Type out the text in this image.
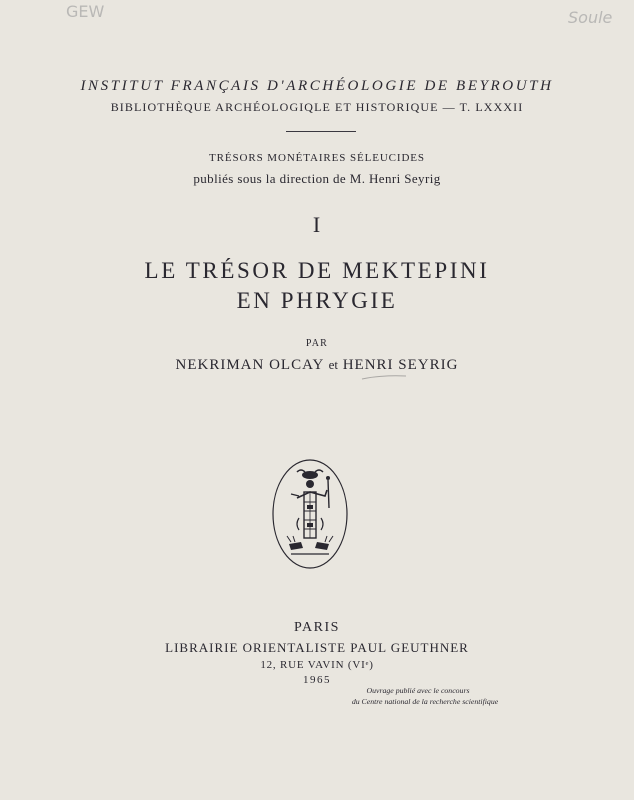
GEW	Soule
INSTITUT FRANÇAIS D'ARCHÉOLOGIE DE BEYROUTH
BIBLIOTHÈQUE ARCHÉOLOGIQLE ET HISTORIQUE — T. LXXXII
TRÉSORS MONÉTAIRES SÉLEUCIDES
publiés sous la direction de M. Henri Seyrig
I
LE TRÉSOR DE MEKTEPINI
EN PHRYGIE
PAR
NEKRIMAN OLCAY et HENRI SEYRIG
PARIS
LIBRAIRIE ORIENTALISTE PAUL GEUTHNER
12, RUE VAVIN (VIᵉ)
1965
Ouvrage publié avec le concours
du Centre national de la recherche scientifique
